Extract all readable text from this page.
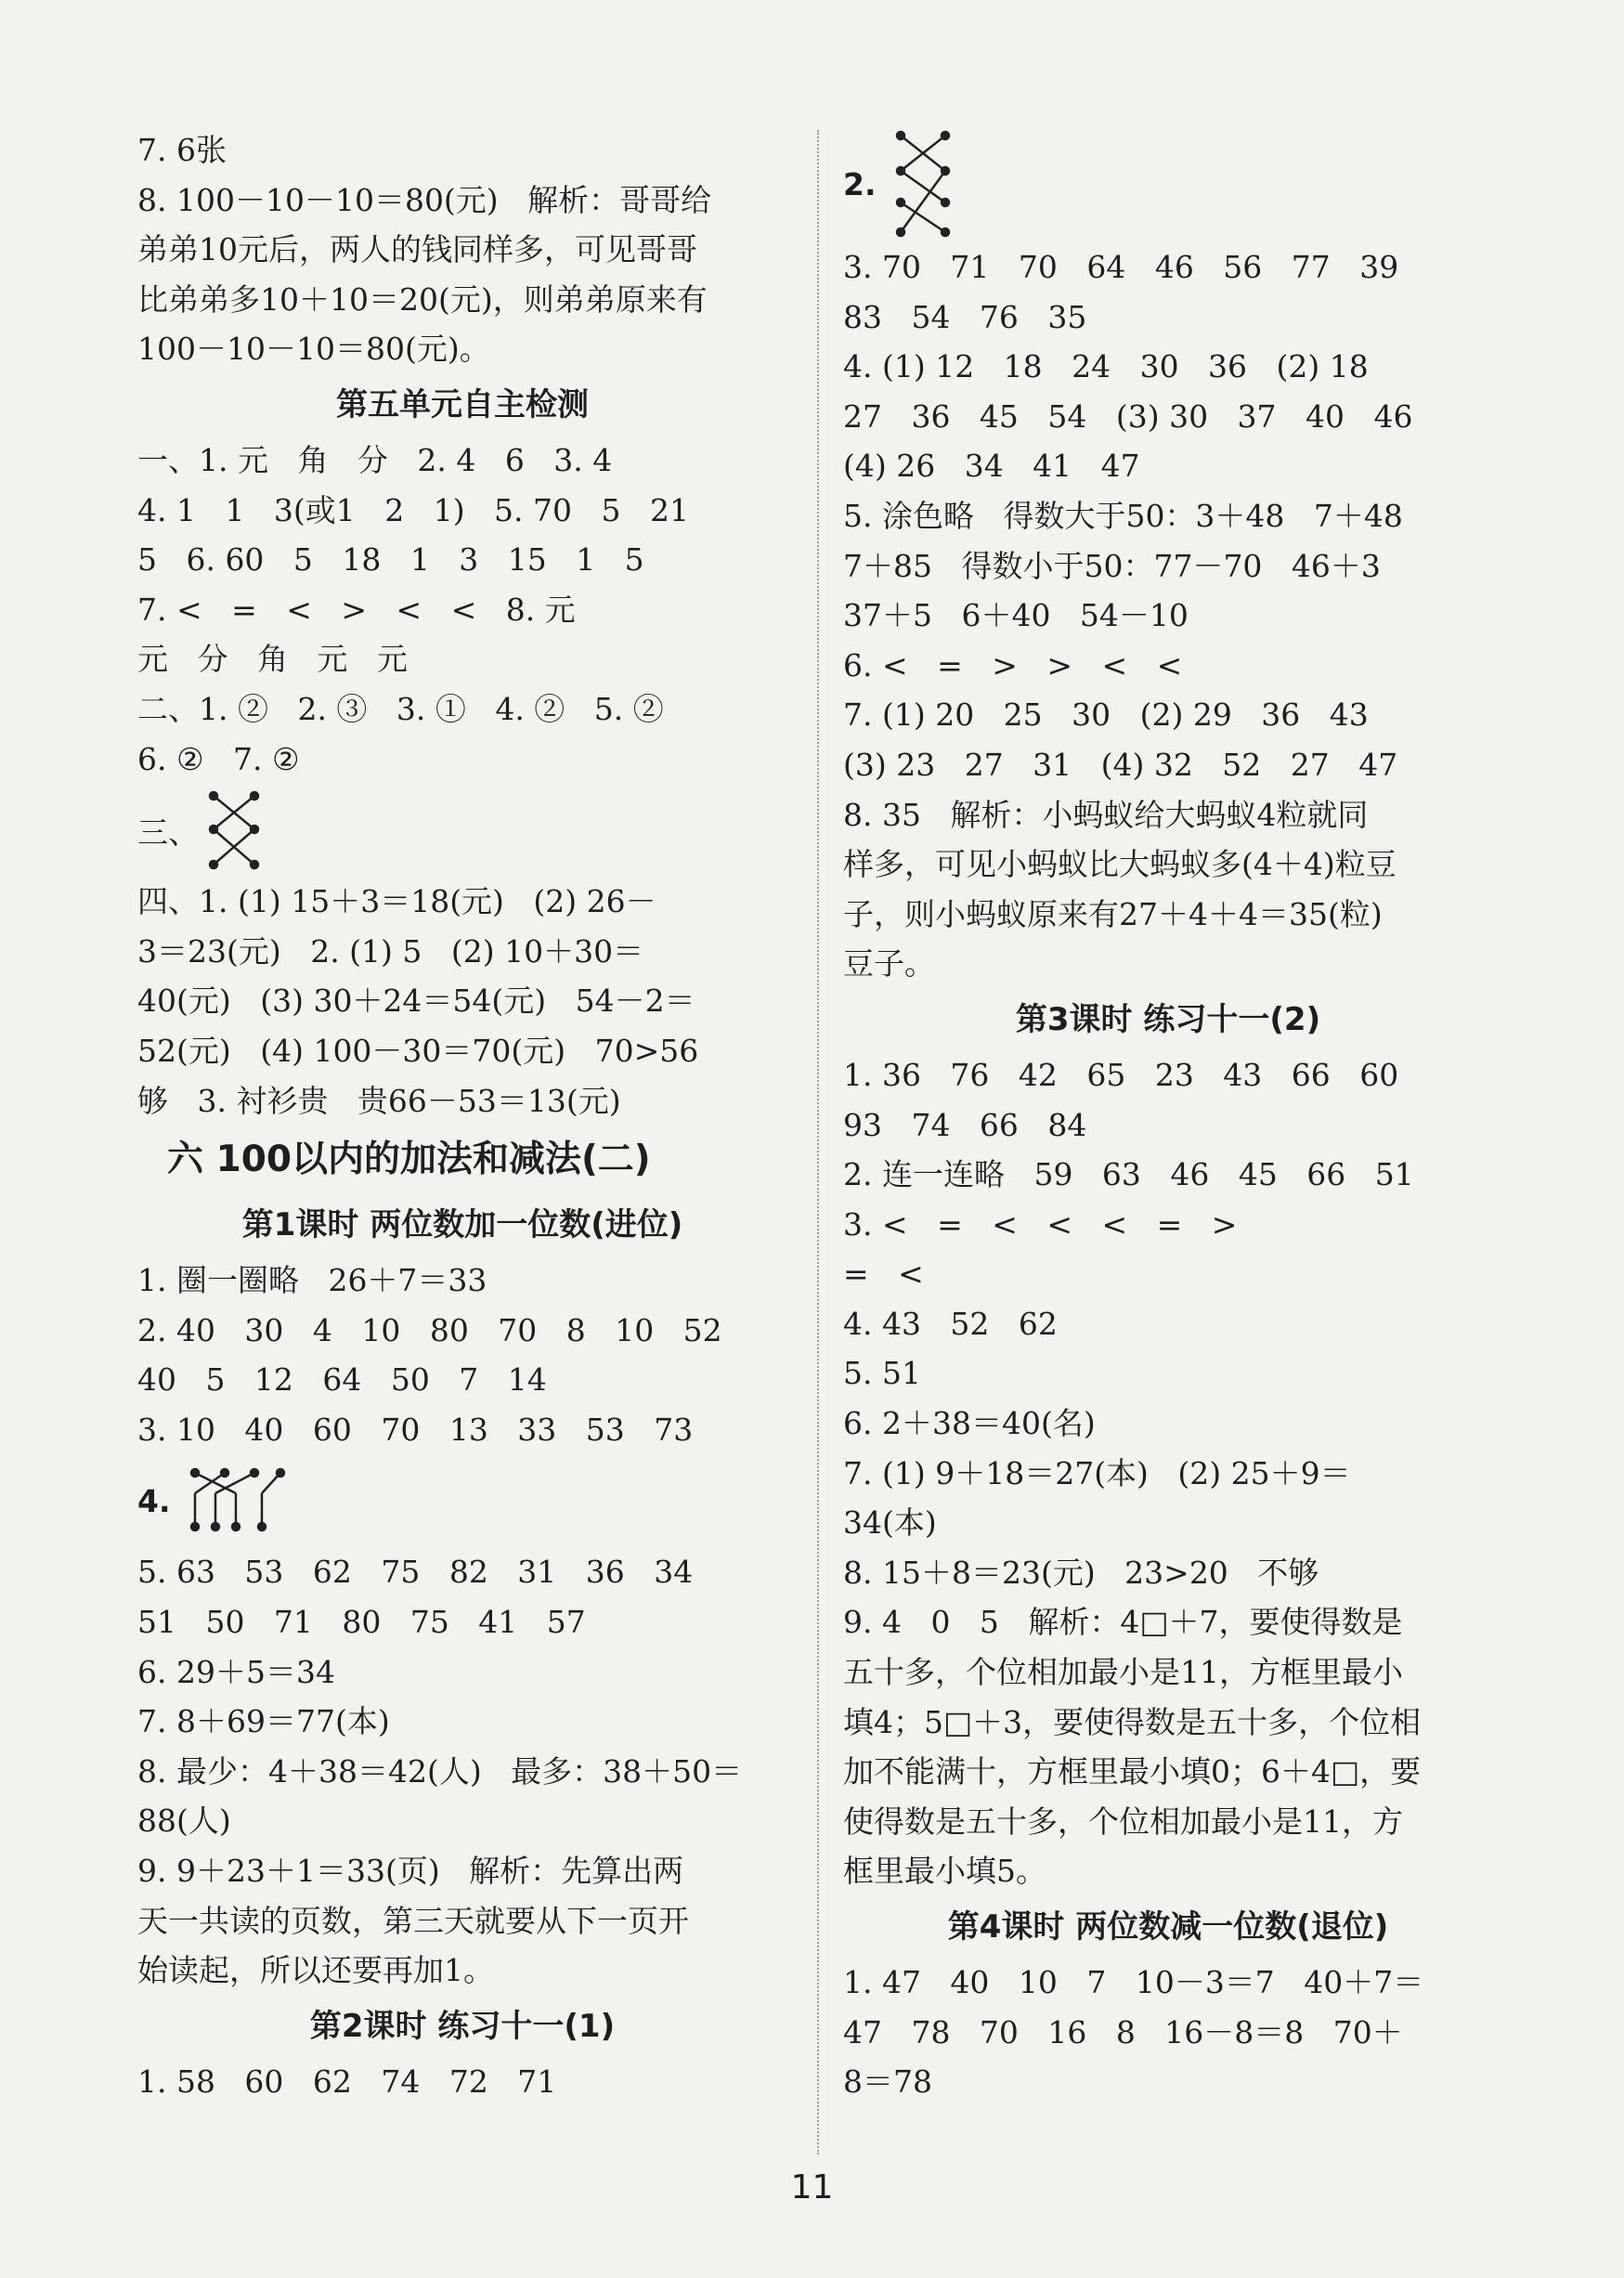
7. 6张
8. 100－10－10＝80(元)   解析：哥哥给
弟弟10元后，两人的钱同样多，可见哥哥
比弟弟多10＋10＝20(元)，则弟弟原来有
100－10－10＝80(元)。
第五单元自主检测
一、1. 元   角   分   2. 4   6   3. 4
4. 1   1   3(或1   2   1)   5. 70   5   21
5   6. 60   5   18   1   3   15   1   5
7. <   =   <   >   <   <   8. 元
元   分   角   元   元
二、1. ②   2. ③   3. ①   4. ②   5. ②
6. ②   7. ②
三、
四、1. (1) 15＋3＝18(元)   (2) 26－
3＝23(元)   2. (1) 5   (2) 10＋30＝
40(元)   (3) 30＋24＝54(元)   54－2＝
52(元)   (4) 100－30＝70(元)   70>56
够   3. 衬衫贵   贵66－53＝13(元)
六 100以内的加法和减法(二)
第1课时 两位数加一位数(进位)
1. 圈一圈略   26＋7＝33
2. 40   30   4   10   80   70   8   10   52
40   5   12   64   50   7   14
3. 10   40   60   70   13   33   53   73
4.
5. 63   53   62   75   82   31   36   34
51   50   71   80   75   41   57
6. 29＋5＝34
7. 8＋69＝77(本)
8. 最少：4＋38＝42(人)   最多：38＋50＝
88(人)
9. 9＋23＋1＝33(页)   解析：先算出两
天一共读的页数，第三天就要从下一页开
始读起，所以还要再加1。
第2课时 练习十一(1)
1. 58   60   62   74   72   71
2.
3. 70   71   70   64   46   56   77   39
83   54   76   35
4. (1) 12   18   24   30   36   (2) 18
27   36   45   54   (3) 30   37   40   46
(4) 26   34   41   47
5. 涂色略   得数大于50：3＋48   7＋48
7＋85   得数小于50：77－70   46＋3
37＋5   6＋40   54－10
6. <   =   >   >   <   <
7. (1) 20   25   30   (2) 29   36   43
(3) 23   27   31   (4) 32   52   27   47
8. 35   解析：小蚂蚁给大蚂蚁4粒就同
样多，可见小蚂蚁比大蚂蚁多(4＋4)粒豆
子，则小蚂蚁原来有27＋4＋4＝35(粒)
豆子。
第3课时 练习十一(2)
1. 36   76   42   65   23   43   66   60
93   74   66   84
2. 连一连略   59   63   46   45   66   51
3. <   =   <   <   <   =   >
=   <
4. 43   52   62
5. 51
6. 2＋38＝40(名)
7. (1) 9＋18＝27(本)   (2) 25＋9＝
34(本)
8. 15＋8＝23(元)   23>20   不够
9. 4   0   5   解析：4□＋7，要使得数是
五十多，个位相加最小是11，方框里最小
填4；5□＋3，要使得数是五十多，个位相
加不能满十，方框里最小填0；6＋4□，要
使得数是五十多，个位相加最小是11，方
框里最小填5。
第4课时 两位数减一位数(退位)
1. 47   40   10   7   10－3＝7   40＋7＝
47   78   70   16   8   16－8＝8   70＋
8＝78
11
